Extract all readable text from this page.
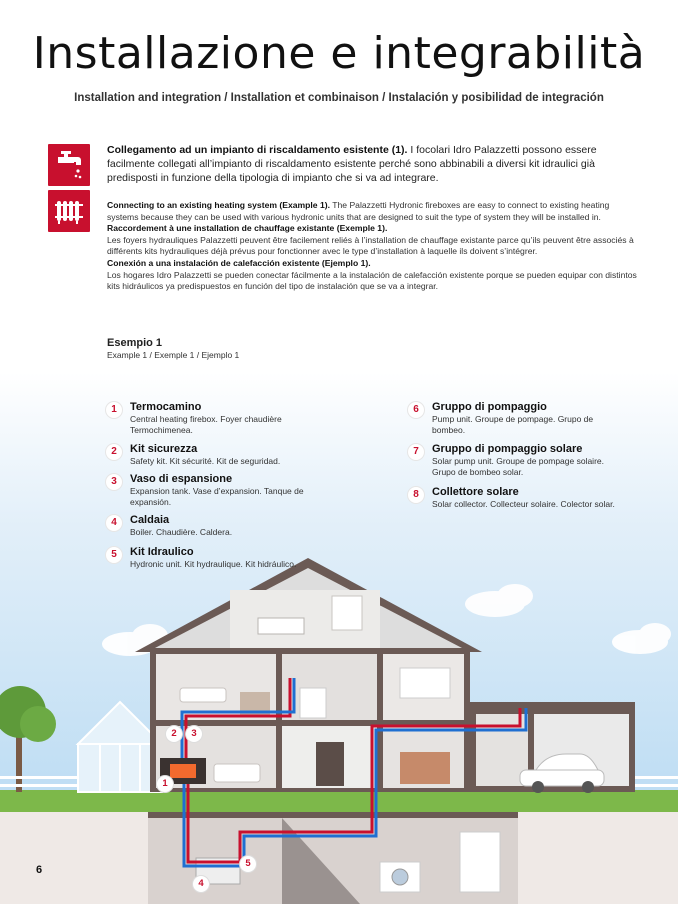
Installazione e integrabilità
Installation and integration / Installation et combinaison / Instalación y posibilidad de integración
Collegamento ad un impianto di riscaldamento esistente (1). I focolari Idro Palazzetti possono essere facilmente collegati all’impianto di riscaldamento esistente perché sono abbinabili a diversi kit idraulici già predisposti in funzione della tipologia di impianto che si va ad integrare.

Connecting to an existing heating system (Example 1). The Palazzetti Hydronic fireboxes are easy to connect to existing heating systems because they can be used with various hydronic units that are designed to suit the type of system they will be installed in.

Raccordement à une installation de chauffage existante (Exemple 1).

Les foyers hydrauliques Palazzetti peuvent être facilement reliés à l’installation de chauffage existante parce qu’ils peuvent être associés à différents kits hydrauliques déjà prévus pour fonctionner avec le type d’installation à laquelle ils doivent s’intégrer.

Conexión a una instalación de calefacción existente (Ejemplo 1).

Los hogares Idro Palazzetti se pueden conectar fácilmente a la instalación de calefacción existente porque se pueden equipar con distintos kits hidráulicos ya predispuestos en función del tipo de instalación que se va a integrar.

Esempio 1
Example 1 / Exemple 1 / Ejemplo 1
1	Termocamino
Central heating firebox. Foyer chaudière Termochimenea.
2	Kit sicurezza
Safety kit. Kit sécurité. Kit de seguridad.
3	Vaso di espansione
Expansion tank. Vase d’expansion. Tanque de expansión.
4	Caldaia
Boiler. Chaudière. Caldera.
5	Kit Idraulico
Hydronic unit. Kit hydraulique. Kit hidráulico.
6	Gruppo di pompaggio
Pump unit. Groupe de pompage. Grupo de bombeo.
7	Gruppo di pompaggio solare
Solar pump unit. Groupe de pompage solaire. Grupo de bombeo solar.
8	Collettore solare
Solar collector. Collecteur solaire. Colector solar.
2	3
1
5
4
6
